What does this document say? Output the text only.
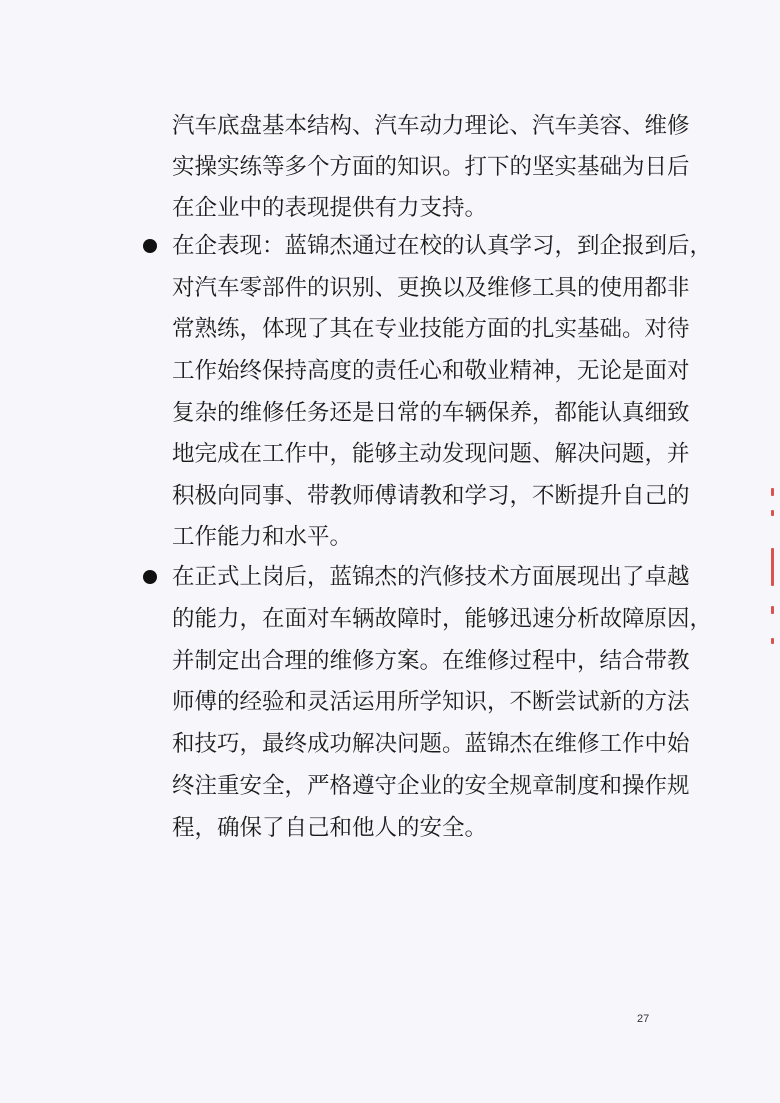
汽车底盘基本结构、汽车动力理论、汽车美容、维修
实操实练等多个方面的知识。打下的坚实基础为日后
在企业中的表现提供有力支持。
在企表现：蓝锦杰通过在校的认真学习，到企报到后，
对汽车零部件的识别、更换以及维修工具的使用都非
常熟练，体现了其在专业技能方面的扎实基础。对待
工作始终保持高度的责任心和敬业精神，无论是面对
复杂的维修任务还是日常的车辆保养，都能认真细致
地完成在工作中，能够主动发现问题、解决问题，并
积极向同事、带教师傅请教和学习，不断提升自己的
工作能力和水平。
在正式上岗后，蓝锦杰的汽修技术方面展现出了卓越
的能力，在面对车辆故障时，能够迅速分析故障原因，
并制定出合理的维修方案。在维修过程中，结合带教
师傅的经验和灵活运用所学知识，不断尝试新的方法
和技巧，最终成功解决问题。蓝锦杰在维修工作中始
终注重安全，严格遵守企业的安全规章制度和操作规
程，确保了自己和他人的安全。
27
